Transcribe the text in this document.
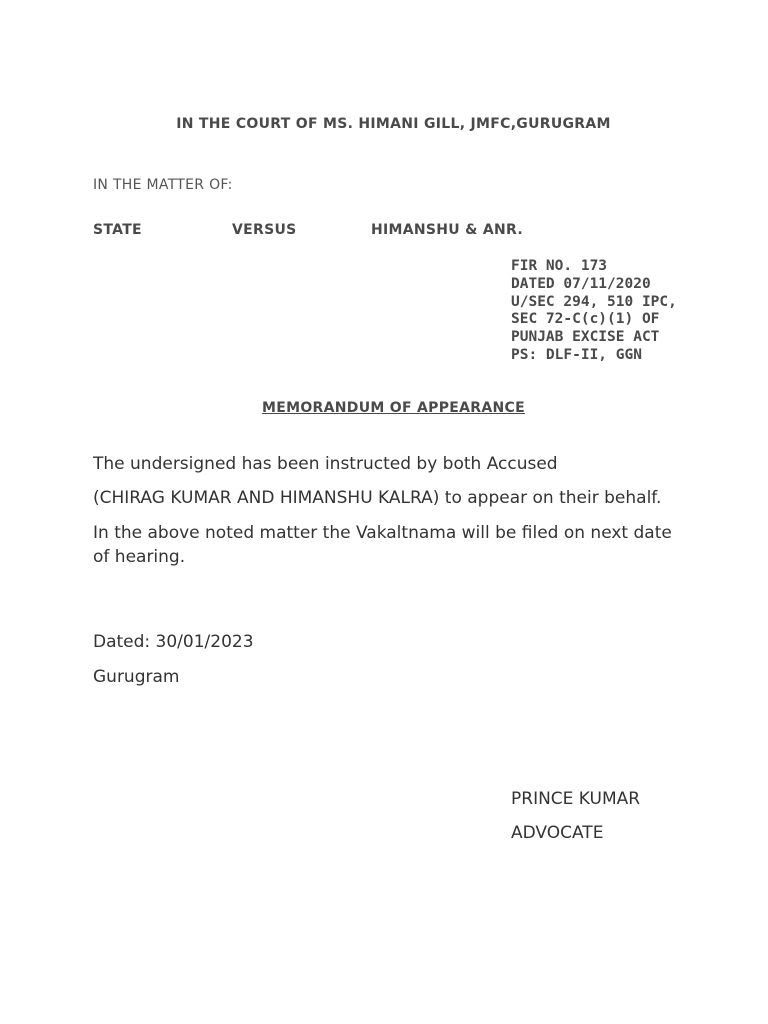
IN THE COURT OF MS. HIMANI GILL, JMFC,GURUGRAM
IN THE MATTER OF:
STATE	VERSUS	HIMANSHU & ANR.
FIR NO. 173
DATED 07/11/2020
U/SEC 294, 510 IPC,
SEC 72-C(c)(1) OF
PUNJAB EXCISE ACT
PS: DLF-II, GGN
MEMORANDUM OF APPEARANCE

The undersigned has been instructed by both Accused

(CHIRAG KUMAR AND HIMANSHU KALRA) to appear on their behalf.

In the above noted matter the Vakaltnama will be filed on next date of hearing.

Dated: 30/01/2023
Gurugram
PRINCE KUMAR
ADVOCATE
